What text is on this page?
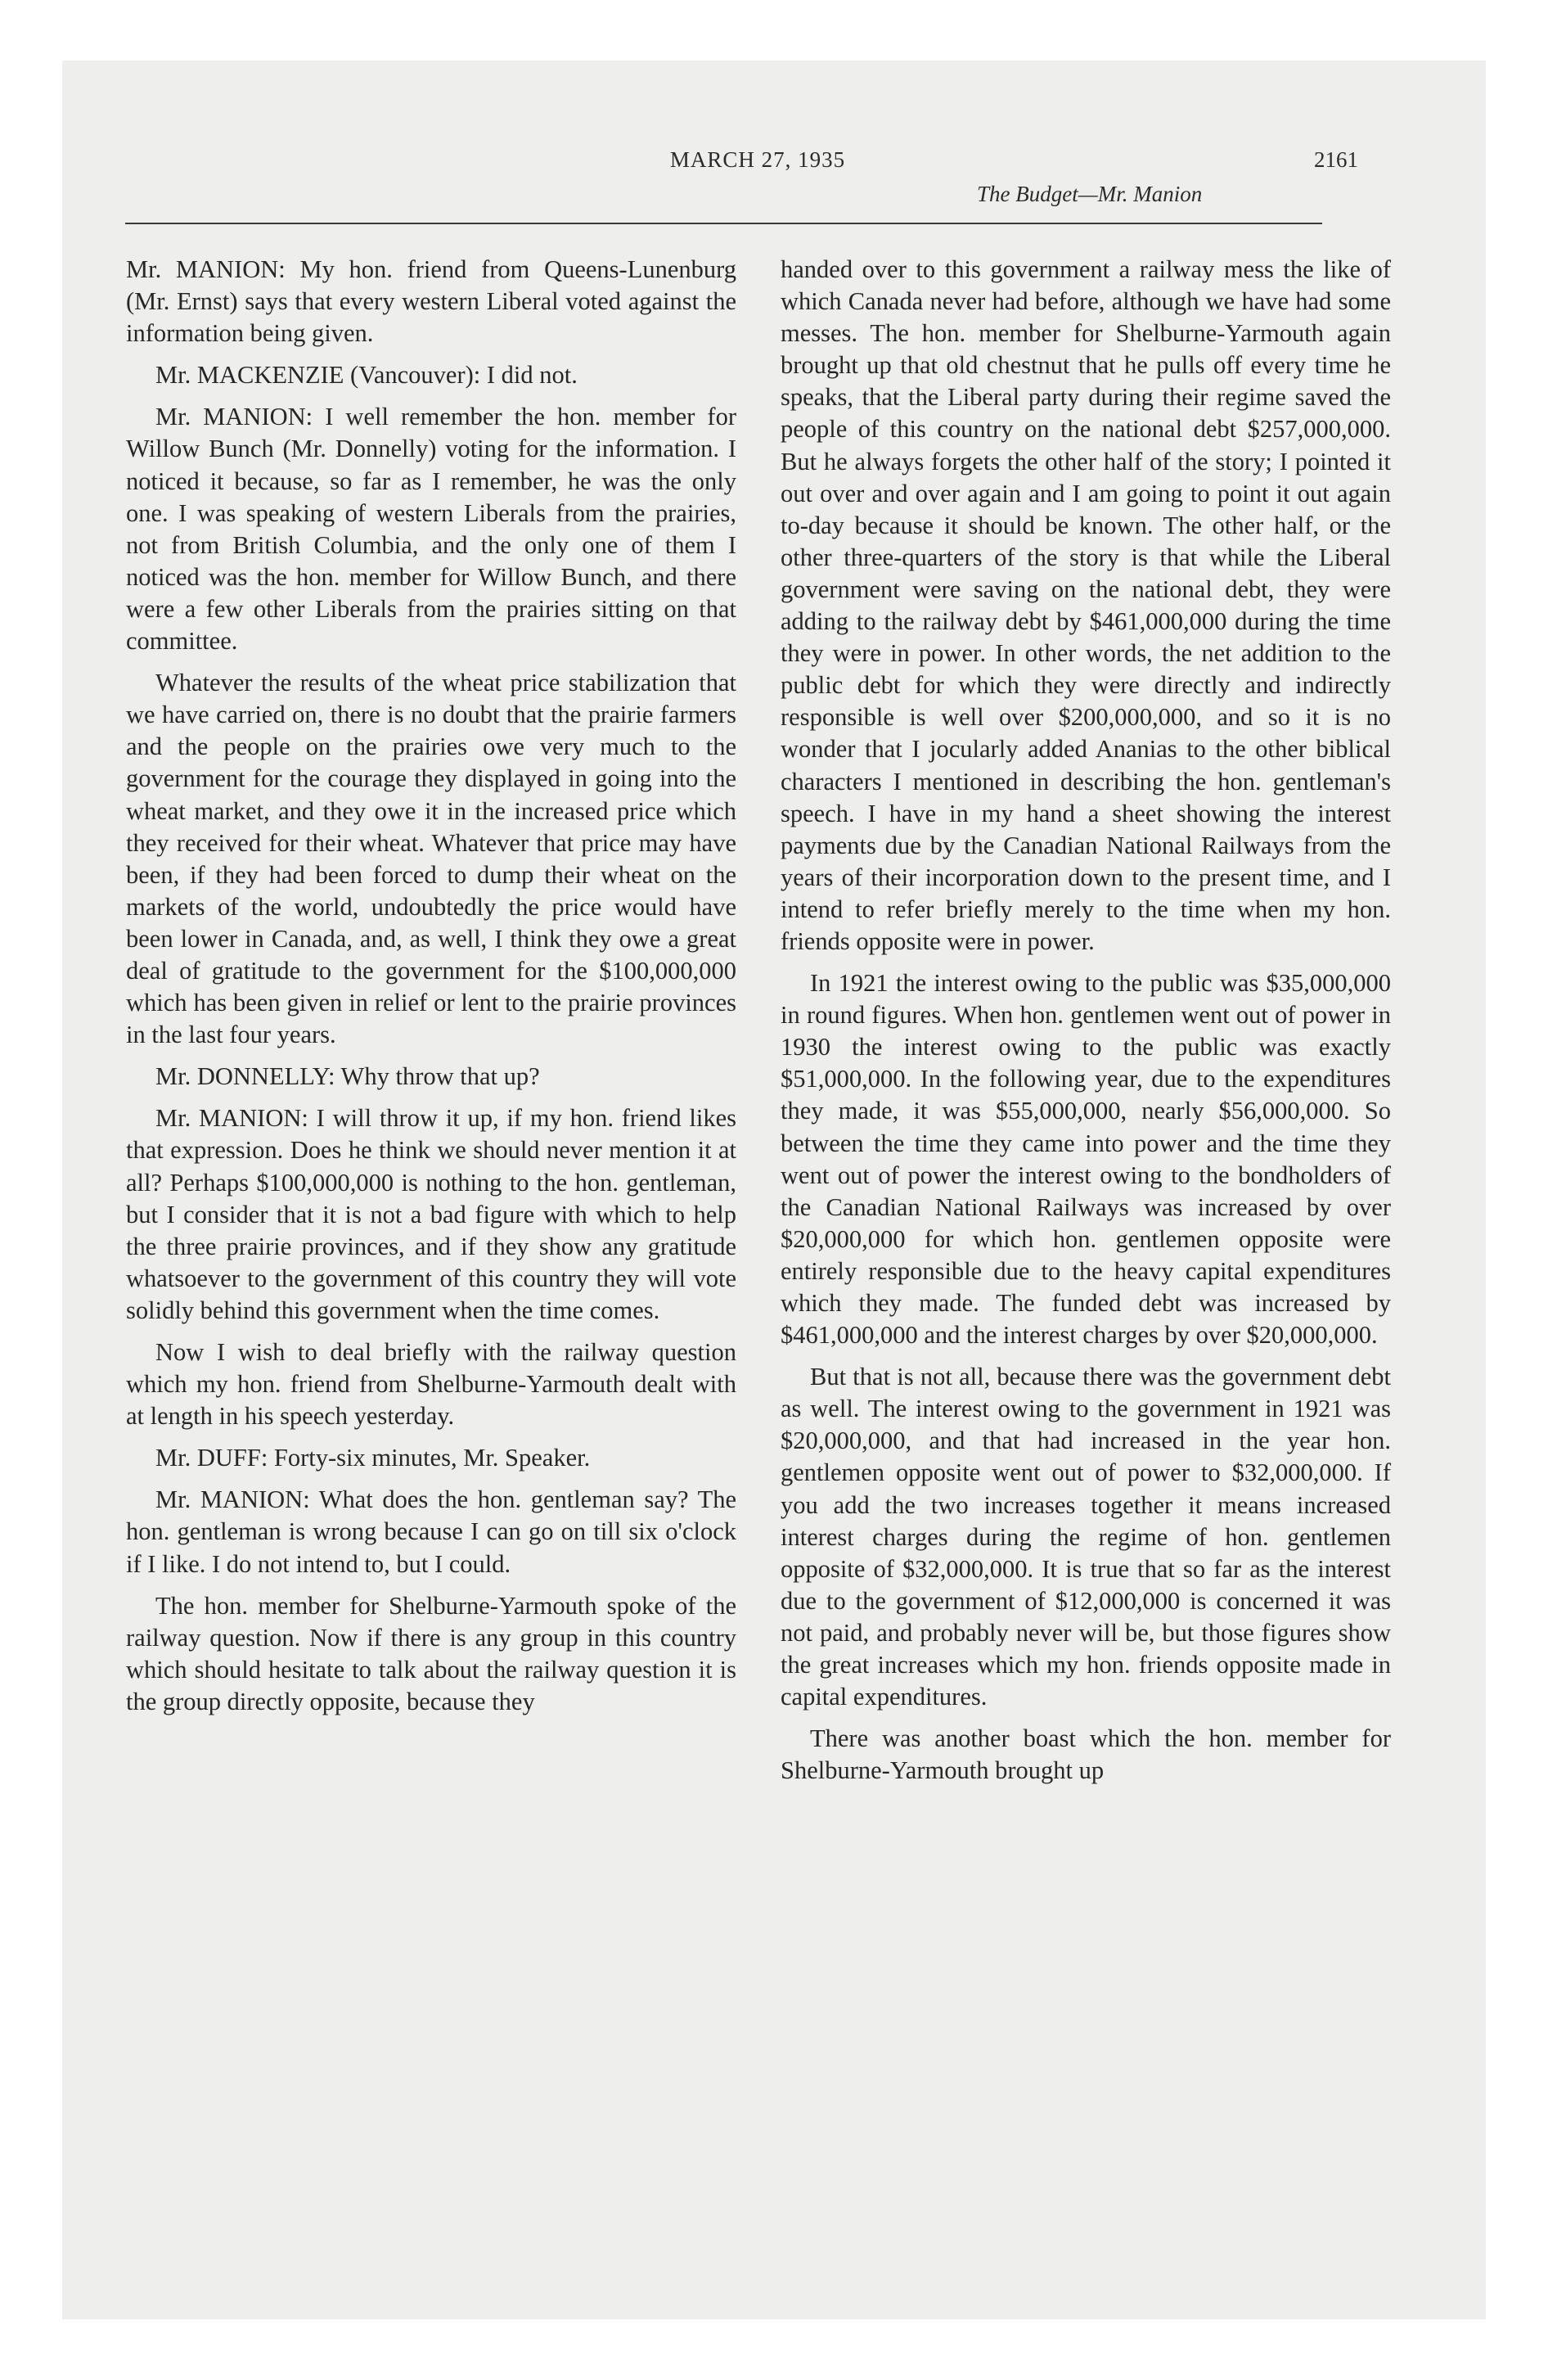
MARCH 27, 1935	2161
The Budget—Mr. Manion

Mr. MANION: My hon. friend from Queens-Lunenburg (Mr. Ernst) says that every western Liberal voted against the information being given.

Mr. MACKENZIE (Vancouver): I did not.

Mr. MANION: I well remember the hon. member for Willow Bunch (Mr. Donnelly) voting for the information. I noticed it because, so far as I remember, he was the only one. I was speaking of western Liberals from the prairies, not from British Columbia, and the only one of them I noticed was the hon. member for Willow Bunch, and there were a few other Liberals from the prairies sitting on that committee.

Whatever the results of the wheat price stabilization that we have carried on, there is no doubt that the prairie farmers and the people on the prairies owe very much to the government for the courage they displayed in going into the wheat market, and they owe it in the increased price which they received for their wheat. Whatever that price may have been, if they had been forced to dump their wheat on the markets of the world, undoubtedly the price would have been lower in Canada, and, as well, I think they owe a great deal of gratitude to the government for the $100,000,000 which has been given in relief or lent to the prairie provinces in the last four years.

Mr. DONNELLY: Why throw that up?

Mr. MANION: I will throw it up, if my hon. friend likes that expression. Does he think we should never mention it at all? Perhaps $100,000,000 is nothing to the hon. gentleman, but I consider that it is not a bad figure with which to help the three prairie provinces, and if they show any gratitude whatsoever to the government of this country they will vote solidly behind this government when the time comes.

Now I wish to deal briefly with the railway question which my hon. friend from Shelburne-Yarmouth dealt with at length in his speech yesterday.

Mr. DUFF: Forty-six minutes, Mr. Speaker.

Mr. MANION: What does the hon. gentleman say? The hon. gentleman is wrong because I can go on till six o'clock if I like. I do not intend to, but I could.

The hon. member for Shelburne-Yarmouth spoke of the railway question. Now if there is any group in this country which should hesitate to talk about the railway question it is the group directly opposite, because they

handed over to this government a railway mess the like of which Canada never had before, although we have had some messes. The hon. member for Shelburne-Yarmouth again brought up that old chestnut that he pulls off every time he speaks, that the Liberal party during their regime saved the people of this country on the national debt $257,000,000. But he always forgets the other half of the story; I pointed it out over and over again and I am going to point it out again to-day because it should be known. The other half, or the other three-quarters of the story is that while the Liberal government were saving on the national debt, they were adding to the railway debt by $461,000,000 during the time they were in power. In other words, the net addition to the public debt for which they were directly and indirectly responsible is well over $200,000,000, and so it is no wonder that I jocularly added Ananias to the other biblical characters I mentioned in describing the hon. gentleman's speech. I have in my hand a sheet showing the interest payments due by the Canadian National Railways from the years of their incorporation down to the present time, and I intend to refer briefly merely to the time when my hon. friends opposite were in power.

In 1921 the interest owing to the public was $35,000,000 in round figures. When hon. gentlemen went out of power in 1930 the interest owing to the public was exactly $51,000,000. In the following year, due to the expenditures they made, it was $55,000,000, nearly $56,000,000. So between the time they came into power and the time they went out of power the interest owing to the bondholders of the Canadian National Railways was increased by over $20,000,000 for which hon. gentlemen opposite were entirely responsible due to the heavy capital expenditures which they made. The funded debt was increased by $461,000,000 and the interest charges by over $20,000,000.

But that is not all, because there was the government debt as well. The interest owing to the government in 1921 was $20,000,000, and that had increased in the year hon. gentlemen opposite went out of power to $32,000,000. If you add the two increases together it means increased interest charges during the regime of hon. gentlemen opposite of $32,000,000. It is true that so far as the interest due to the government of $12,000,000 is concerned it was not paid, and probably never will be, but those figures show the great increases which my hon. friends opposite made in capital expenditures.

There was another boast which the hon. member for Shelburne-Yarmouth brought up
